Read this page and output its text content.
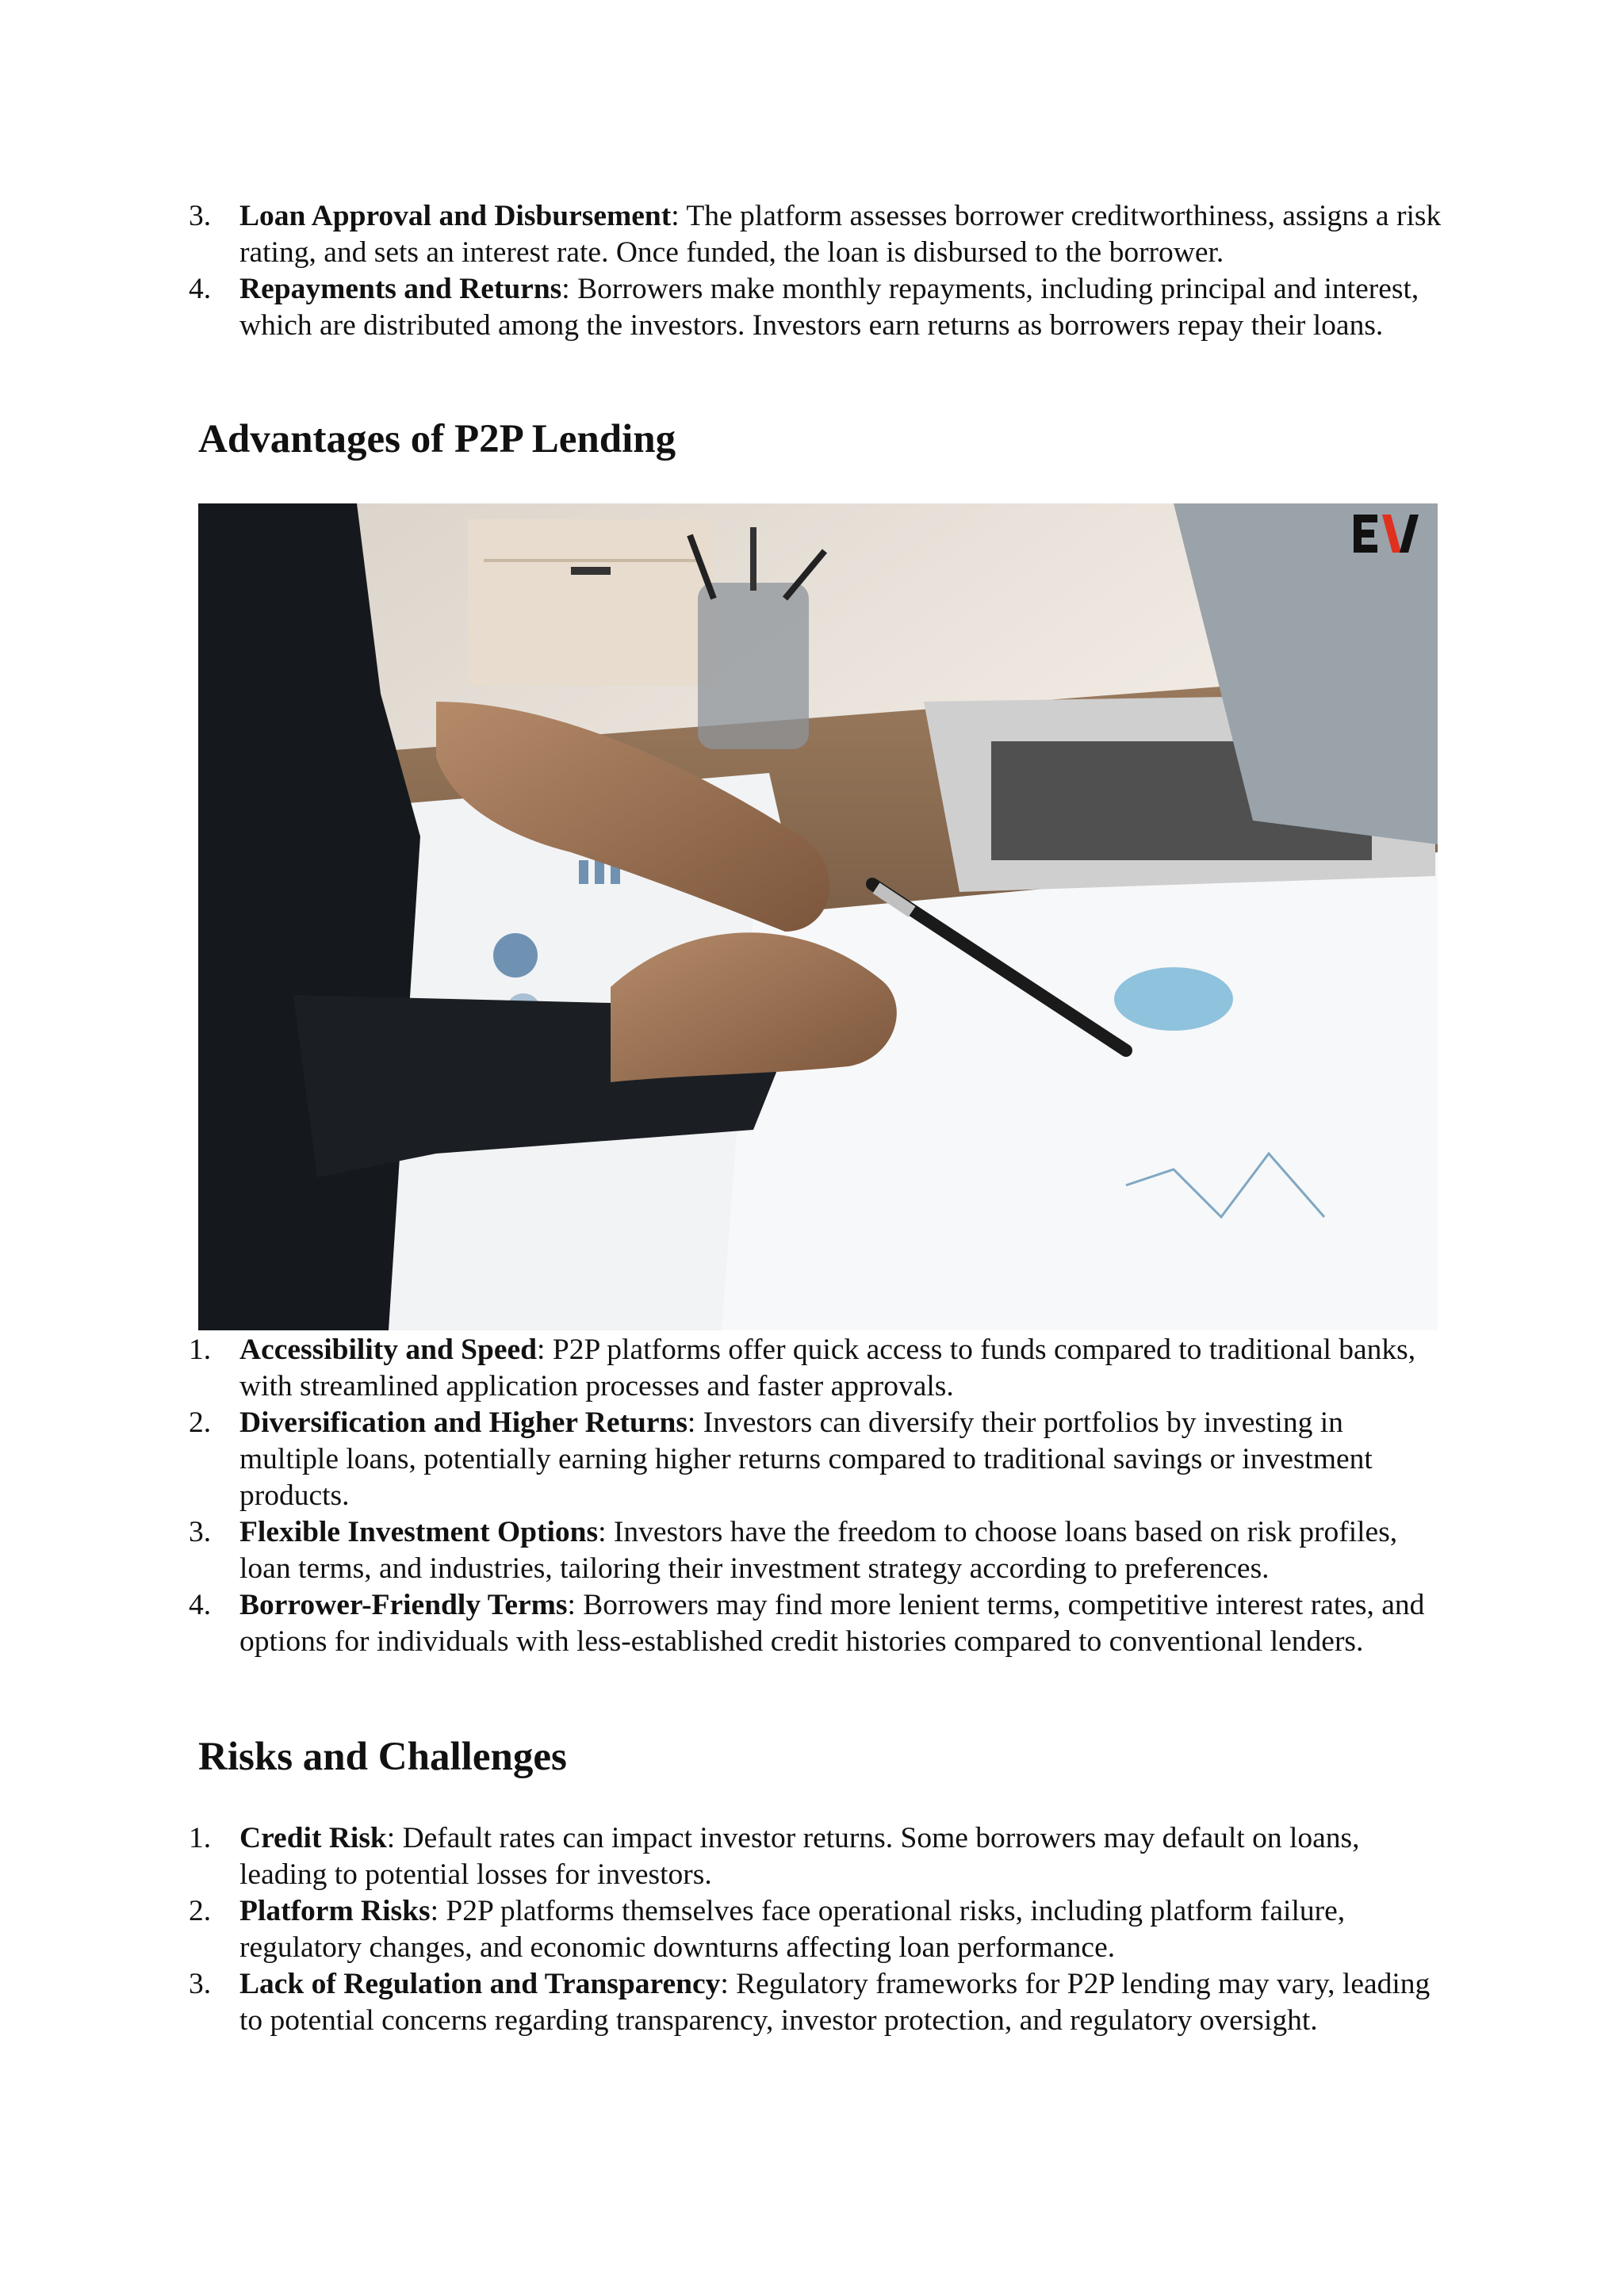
3. Loan Approval and Disbursement: The platform assesses borrower creditworthiness, assigns a risk rating, and sets an interest rate. Once funded, the loan is disbursed to the borrower.
4. Repayments and Returns: Borrowers make monthly repayments, including principal and interest, which are distributed among the investors. Investors earn returns as borrowers repay their loans.
Advantages of P2P Lending
1. Accessibility and Speed: P2P platforms offer quick access to funds compared to traditional banks, with streamlined application processes and faster approvals.
2. Diversification and Higher Returns: Investors can diversify their portfolios by investing in multiple loans, potentially earning higher returns compared to traditional savings or investment products.
3. Flexible Investment Options: Investors have the freedom to choose loans based on risk profiles, loan terms, and industries, tailoring their investment strategy according to preferences.
4. Borrower-Friendly Terms: Borrowers may find more lenient terms, competitive interest rates, and options for individuals with less-established credit histories compared to conventional lenders.
Risks and Challenges
1. Credit Risk: Default rates can impact investor returns. Some borrowers may default on loans, leading to potential losses for investors.
2. Platform Risks: P2P platforms themselves face operational risks, including platform failure, regulatory changes, and economic downturns affecting loan performance.
3. Lack of Regulation and Transparency: Regulatory frameworks for P2P lending may vary, leading to potential concerns regarding transparency, investor protection, and regulatory oversight.
